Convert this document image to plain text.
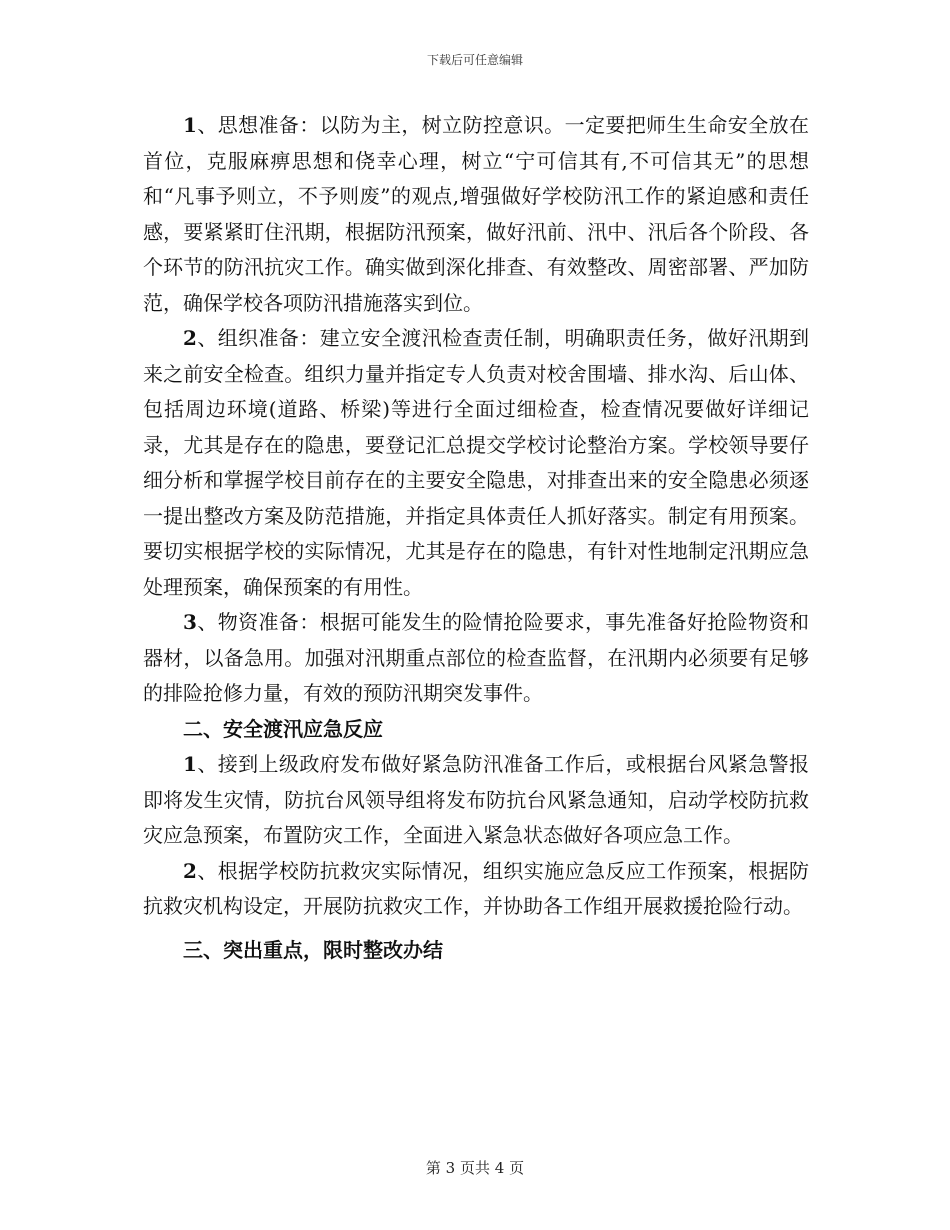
下载后可任意编辑

1、思想准备：以防为主，树立防控意识。一定要把师生生命安全放在首位，克服麻痹思想和侥幸心理，树立“宁可信其有,不可信其无”的思想和“凡事予则立，不予则废”的观点,增强做好学校防汛工作的紧迫感和责任感，要紧紧盯住汛期，根据防汛预案，做好汛前、汛中、汛后各个阶段、各个环节的防汛抗灾工作。确实做到深化排查、有效整改、周密部署、严加防范，确保学校各项防汛措施落实到位。

2、组织准备：建立安全渡汛检查责任制，明确职责任务，做好汛期到来之前安全检查。组织力量并指定专人负责对校舍围墙、排水沟、后山体、包括周边环境(道路、桥梁)等进行全面过细检查，检查情况要做好详细记录，尤其是存在的隐患，要登记汇总提交学校讨论整治方案。学校领导要仔细分析和掌握学校目前存在的主要安全隐患，对排查出来的安全隐患必须逐一提出整改方案及防范措施，并指定具体责任人抓好落实。制定有用预案。要切实根据学校的实际情况，尤其是存在的隐患，有针对性地制定汛期应急处理预案，确保预案的有用性。

3、物资准备：根据可能发生的险情抢险要求，事先准备好抢险物资和器材，以备急用。加强对汛期重点部位的检查监督，在汛期内必须要有足够的排险抢修力量，有效的预防汛期突发事件。

二、安全渡汛应急反应

1、接到上级政府发布做好紧急防汛准备工作后，或根据台风紧急警报即将发生灾情，防抗台风领导组将发布防抗台风紧急通知，启动学校防抗救灾应急预案，布置防灾工作，全面进入紧急状态做好各项应急工作。

2、根据学校防抗救灾实际情况，组织实施应急反应工作预案，根据防抗救灾机构设定，开展防抗救灾工作，并协助各工作组开展救援抢险行动。

三、突出重点，限时整改办结

第 3 页共 4 页
